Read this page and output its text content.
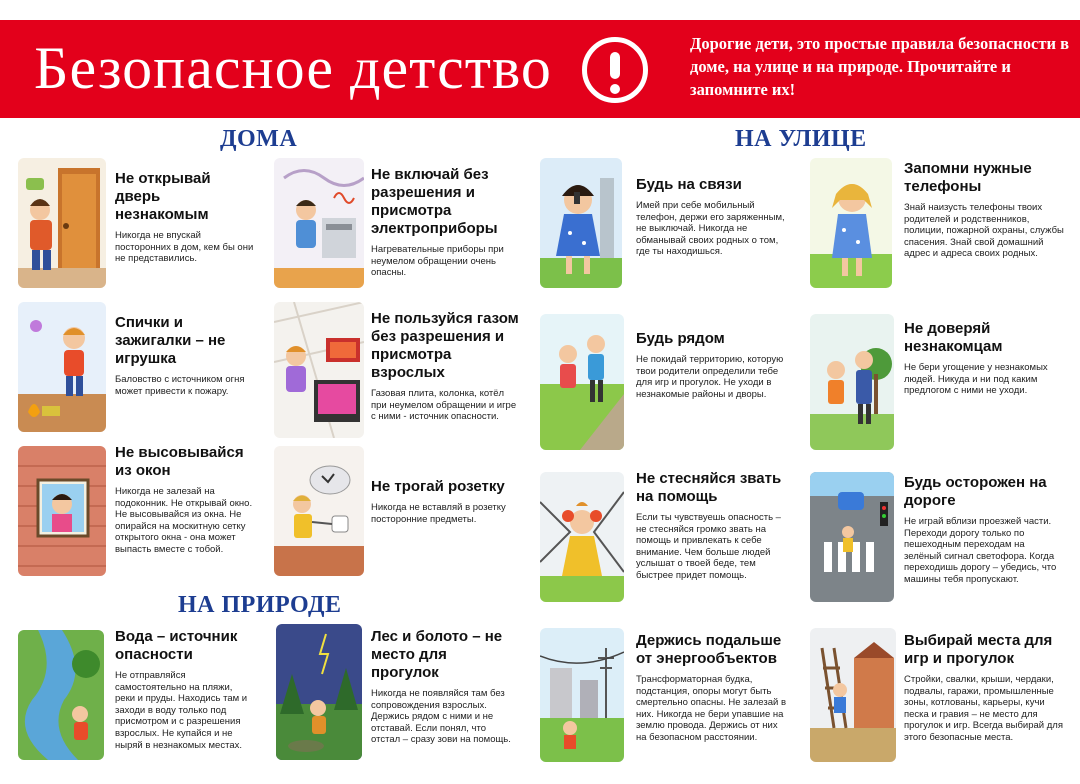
Безопасное детство	Дорогие дети, это простые правила безопасности в доме, на улице и на природе. Прочитайте и запомните их!
ДОМА	НА УЛИЦЕ
НА ПРИРОДЕ
Не открывай дверь незнакомым
Никогда не впускай посторонних в дом, кем бы они не представились.
Не включай без разрешения и присмотра электроприборы
Нагревательные приборы при неумелом обращении очень опасны.
Будь на связи
Имей при себе мобильный телефон, держи его заряженным, не выключай. Никогда не обманывай своих родных о том, где ты находишься.
Запомни нужные телефоны
Знай наизусть телефоны твоих родителей и родственников, полиции, пожарной охраны, службы спасения. Знай свой домашний адрес и адреса своих родных.
Спички и зажигалки – не игрушка
Баловство с источником огня может привести к пожару.
Не пользуйся газом без разрешения и присмотра взрослых
Газовая плита, колонка, котёл при неумелом обращении и игре с ними - источник опасности.
Будь рядом
Не покидай территорию, которую твои родители определили тебе для игр и прогулок. Не уходи в незнакомые районы и дворы.
Не доверяй незнакомцам
Не бери угощение у незнакомых людей. Никуда и ни под каким предлогом с ними не уходи.
Не высовывайся из окон
Никогда не залезай на подоконник. Не открывай окно. Не высовывайся из окна. Не опирайся на москитную сетку открытого окна - она может выпасть вместе с тобой.
Не трогай розетку
Никогда не вставляй в розетку посторонние предметы.
Не стесняйся звать на помощь
Если ты чувствуешь опасность – не стесняйся громко звать на помощь и привлекать к себе внимание. Чем больше людей услышат о твоей беде, тем быстрее придет помощь.
Будь осторожен на дороге
Не играй вблизи проезжей части. Переходи дорогу только по пешеходным переходам на зелёный сигнал светофора. Когда переходишь дорогу – убедись, что машины тебя пропускают.
Вода – источник опасности
Не отправляйся самостоятельно на пляжи, реки и пруды. Находись там и заходи в воду только под присмотром и с разрешения взрослых. Не купайся и не ныряй в незнакомых местах.
Лес и болото – не место для прогулок
Никогда не появляйся там без сопровождения взрослых. Держись рядом с ними и не отставай. Если понял, что отстал – сразу зови на помощь.
Держись подальше от энергообъектов
Трансформаторная будка, подстанция, опоры могут быть смертельно опасны. Не залезай в них. Никогда не бери упавшие на землю провода. Держись от них на безопасном расстоянии.
Выбирай места для игр и прогулок
Стройки, свалки, крыши, чердаки, подвалы, гаражи, промышленные зоны, котлованы, карьеры, кучи песка и гравия – не место для прогулок и игр. Всегда выбирай для этого безопасные места.
